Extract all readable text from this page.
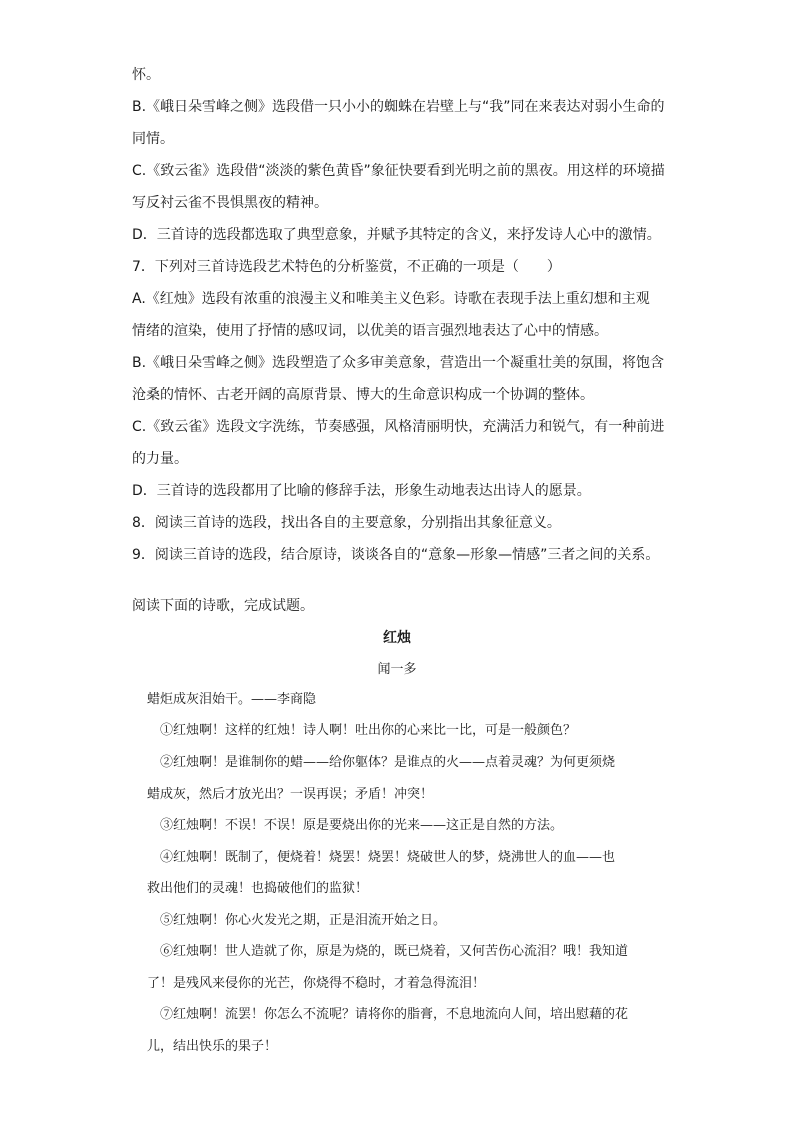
怀。
B.《峨日朵雪峰之侧》选段借一只小小的蜘蛛在岩壁上与“我”同在来表达对弱小生命的
同情。
C.《致云雀》选段借“淡淡的紫色黄昏”象征快要看到光明之前的黑夜。用这样的环境描
写反衬云雀不畏惧黑夜的精神。
D．三首诗的选段都选取了典型意象，并赋予其特定的含义，来抒发诗人心中的激情。
7．下列对三首诗选段艺术特色的分析鉴赏，不正确的一项是（　　）
A.《红烛》选段有浓重的浪漫主义和唯美主义色彩。诗歌在表现手法上重幻想和主观
情绪的渲染，使用了抒情的感叹词，以优美的语言强烈地表达了心中的情感。
B.《峨日朵雪峰之侧》选段塑造了众多审美意象，营造出一个凝重壮美的氛围，将饱含
沧桑的情怀、古老开阔的高原背景、博大的生命意识构成一个协调的整体。
C.《致云雀》选段文字洗练，节奏感强，风格清丽明快，充满活力和锐气，有一种前进
的力量。
D．三首诗的选段都用了比喻的修辞手法，形象生动地表达出诗人的愿景。
8．阅读三首诗的选段，找出各自的主要意象，分别指出其象征意义。
9．阅读三首诗的选段，结合原诗，谈谈各自的“意象—形象—情感”三者之间的关系。
阅读下面的诗歌，完成试题。
红烛
闻一多
蜡炬成灰泪始干。——李商隐
①红烛啊！这样的红烛！诗人啊！吐出你的心来比一比，可是一般颜色？
②红烛啊！是谁制你的蜡——给你躯体？是谁点的火——点着灵魂？为何更须烧
蜡成灰，然后才放光出？一误再误；矛盾！冲突！
③红烛啊！不误！不误！原是要烧出你的光来——这正是自然的方法。
④红烛啊！既制了，便烧着！烧罢！烧罢！烧破世人的梦，烧沸世人的血——也
救出他们的灵魂！也捣破他们的监狱！
⑤红烛啊！你心火发光之期，正是泪流开始之日。
⑥红烛啊！世人造就了你，原是为烧的，既已烧着，又何苦伤心流泪？哦！我知道
了！是残风来侵你的光芒，你烧得不稳时，才着急得流泪！
⑦红烛啊！流罢！你怎么不流呢？请将你的脂膏，不息地流向人间，培出慰藉的花
儿，结出快乐的果子！
